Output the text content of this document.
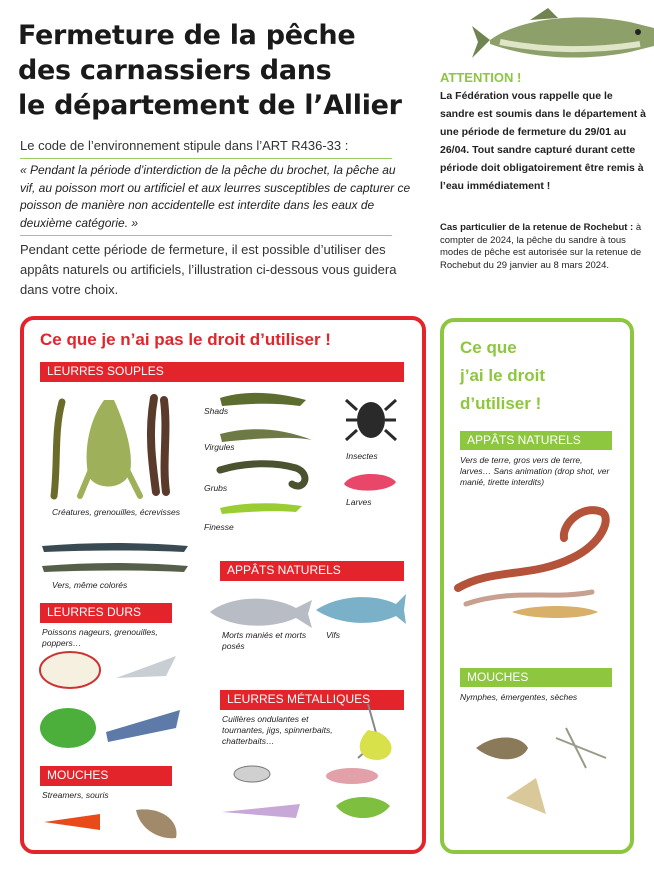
Fermeture de la pêche
des carnassiers dans
le département de l’Allier
ATTENTION !
La Fédération vous rappelle que le sandre est soumis dans le département à une période de fermeture du 29/01 au 26/04. Tout sandre capturé durant cette période doit obligatoirement être remis à l’eau immédiatement !
Cas particulier de la retenue de Rochebut : à compter de 2024, la pêche du sandre à tous modes de pêche est autorisée sur la retenue de Rochebut du 29 janvier au 8 mars 2024.
Le code de l’environnement stipule dans l’ART R436-33 :
« Pendant la période d’interdiction de la pêche du brochet, la pêche au vif, au poisson mort ou artificiel et aux leurres susceptibles de capturer ce poisson de manière non accidentelle est interdite dans les eaux de deuxième catégorie. »
Pendant cette période de fermeture, il est possible d’utiliser des appâts naturels ou artificiels, l’illustration ci-dessous vous guidera dans votre choix.
Ce que je n’ai pas le droit d’utiliser !
LEURRES SOUPLES
LEURRES DURS
APPÂTS NATURELS
LEURRES MÉTALLIQUES
MOUCHES
Créatures, grenouilles, écrevisses
Shads
Virgules
Grubs
Finesse
Insectes
Larves
Vers, même colorés
Poissons nageurs, grenouilles, poppers…
Morts maniés et morts posés
Vifs
Cuillères ondulantes et tournantes, jigs, spinnerbaits, chatterbaits…
Streamers, souris
Ce que
j’ai le droit
d’utiliser !
APPÂTS NATURELS
Vers de terre, gros vers de terre, larves… Sans animation (drop shot, ver manié, tirette interdits)
MOUCHES
Nymphes, émergentes, sèches
